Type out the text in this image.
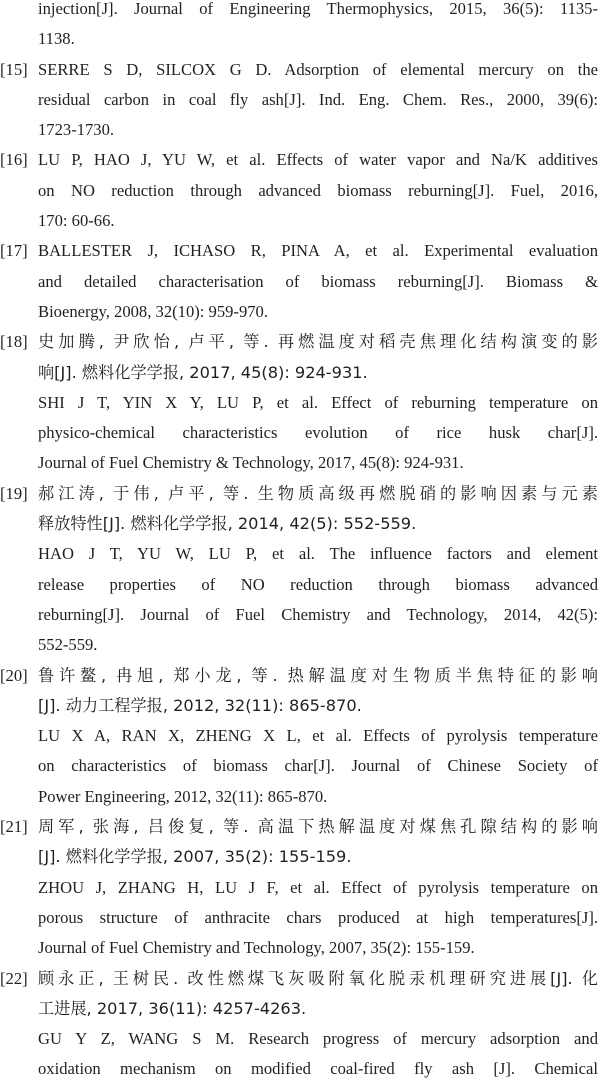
injection[J]. Journal of Engineering Thermophysics, 2015, 36(5): 1135-
1138.
[15] SERRE S D, SILCOX G D. Adsorption of elemental mercury on the
residual carbon in coal fly ash[J]. Ind. Eng. Chem. Res., 2000, 39(6):
1723-1730.
[16] LU P, HAO J, YU W, et al. Effects of water vapor and Na/K additives
on NO reduction through advanced biomass reburning[J]. Fuel, 2016,
170: 60-66.
[17] BALLESTER J, ICHASO R, PINA A, et al. Experimental evaluation
and detailed characterisation of biomass reburning[J]. Biomass &
Bioenergy, 2008, 32(10): 959-970.
[18] 史加腾, 尹欣怡, 卢平, 等. 再燃温度对稻壳焦理化结构演变的影
响[J]. 燃料化学学报, 2017, 45(8): 924-931.
SHI J T, YIN X Y, LU P, et al. Effect of reburning temperature on
physico-chemical characteristics evolution of rice husk char[J].
Journal of Fuel Chemistry & Technology, 2017, 45(8): 924-931.
[19] 郝江涛, 于伟, 卢平, 等. 生物质高级再燃脱硝的影响因素与元素
释放特性[J]. 燃料化学学报, 2014, 42(5): 552-559.
HAO J T, YU W, LU P, et al. The influence factors and element
release properties of NO reduction through biomass advanced
reburning[J]. Journal of Fuel Chemistry and Technology, 2014, 42(5):
552-559.
[20] 鲁许鳌, 冉旭, 郑小龙, 等. 热解温度对生物质半焦特征的影响
[J]. 动力工程学报, 2012, 32(11): 865-870.
LU X A, RAN X, ZHENG X L, et al. Effects of pyrolysis temperature
on characteristics of biomass char[J]. Journal of Chinese Society of
Power Engineering, 2012, 32(11): 865-870.
[21] 周军, 张海, 吕俊复, 等. 高温下热解温度对煤焦孔隙结构的影响
[J]. 燃料化学学报, 2007, 35(2): 155-159.
ZHOU J, ZHANG H, LU J F, et al. Effect of pyrolysis temperature on
porous structure of anthracite chars produced at high temperatures[J].
Journal of Fuel Chemistry and Technology, 2007, 35(2): 155-159.
[22] 顾永正, 王树民. 改性燃煤飞灰吸附氧化脱汞机理研究进展[J]. 化
工进展, 2017, 36(11): 4257-4263.
GU Y Z, WANG S M. Research progress of mercury adsorption and
oxidation mechanism on modified coal-fired fly ash [J]. Chemical
